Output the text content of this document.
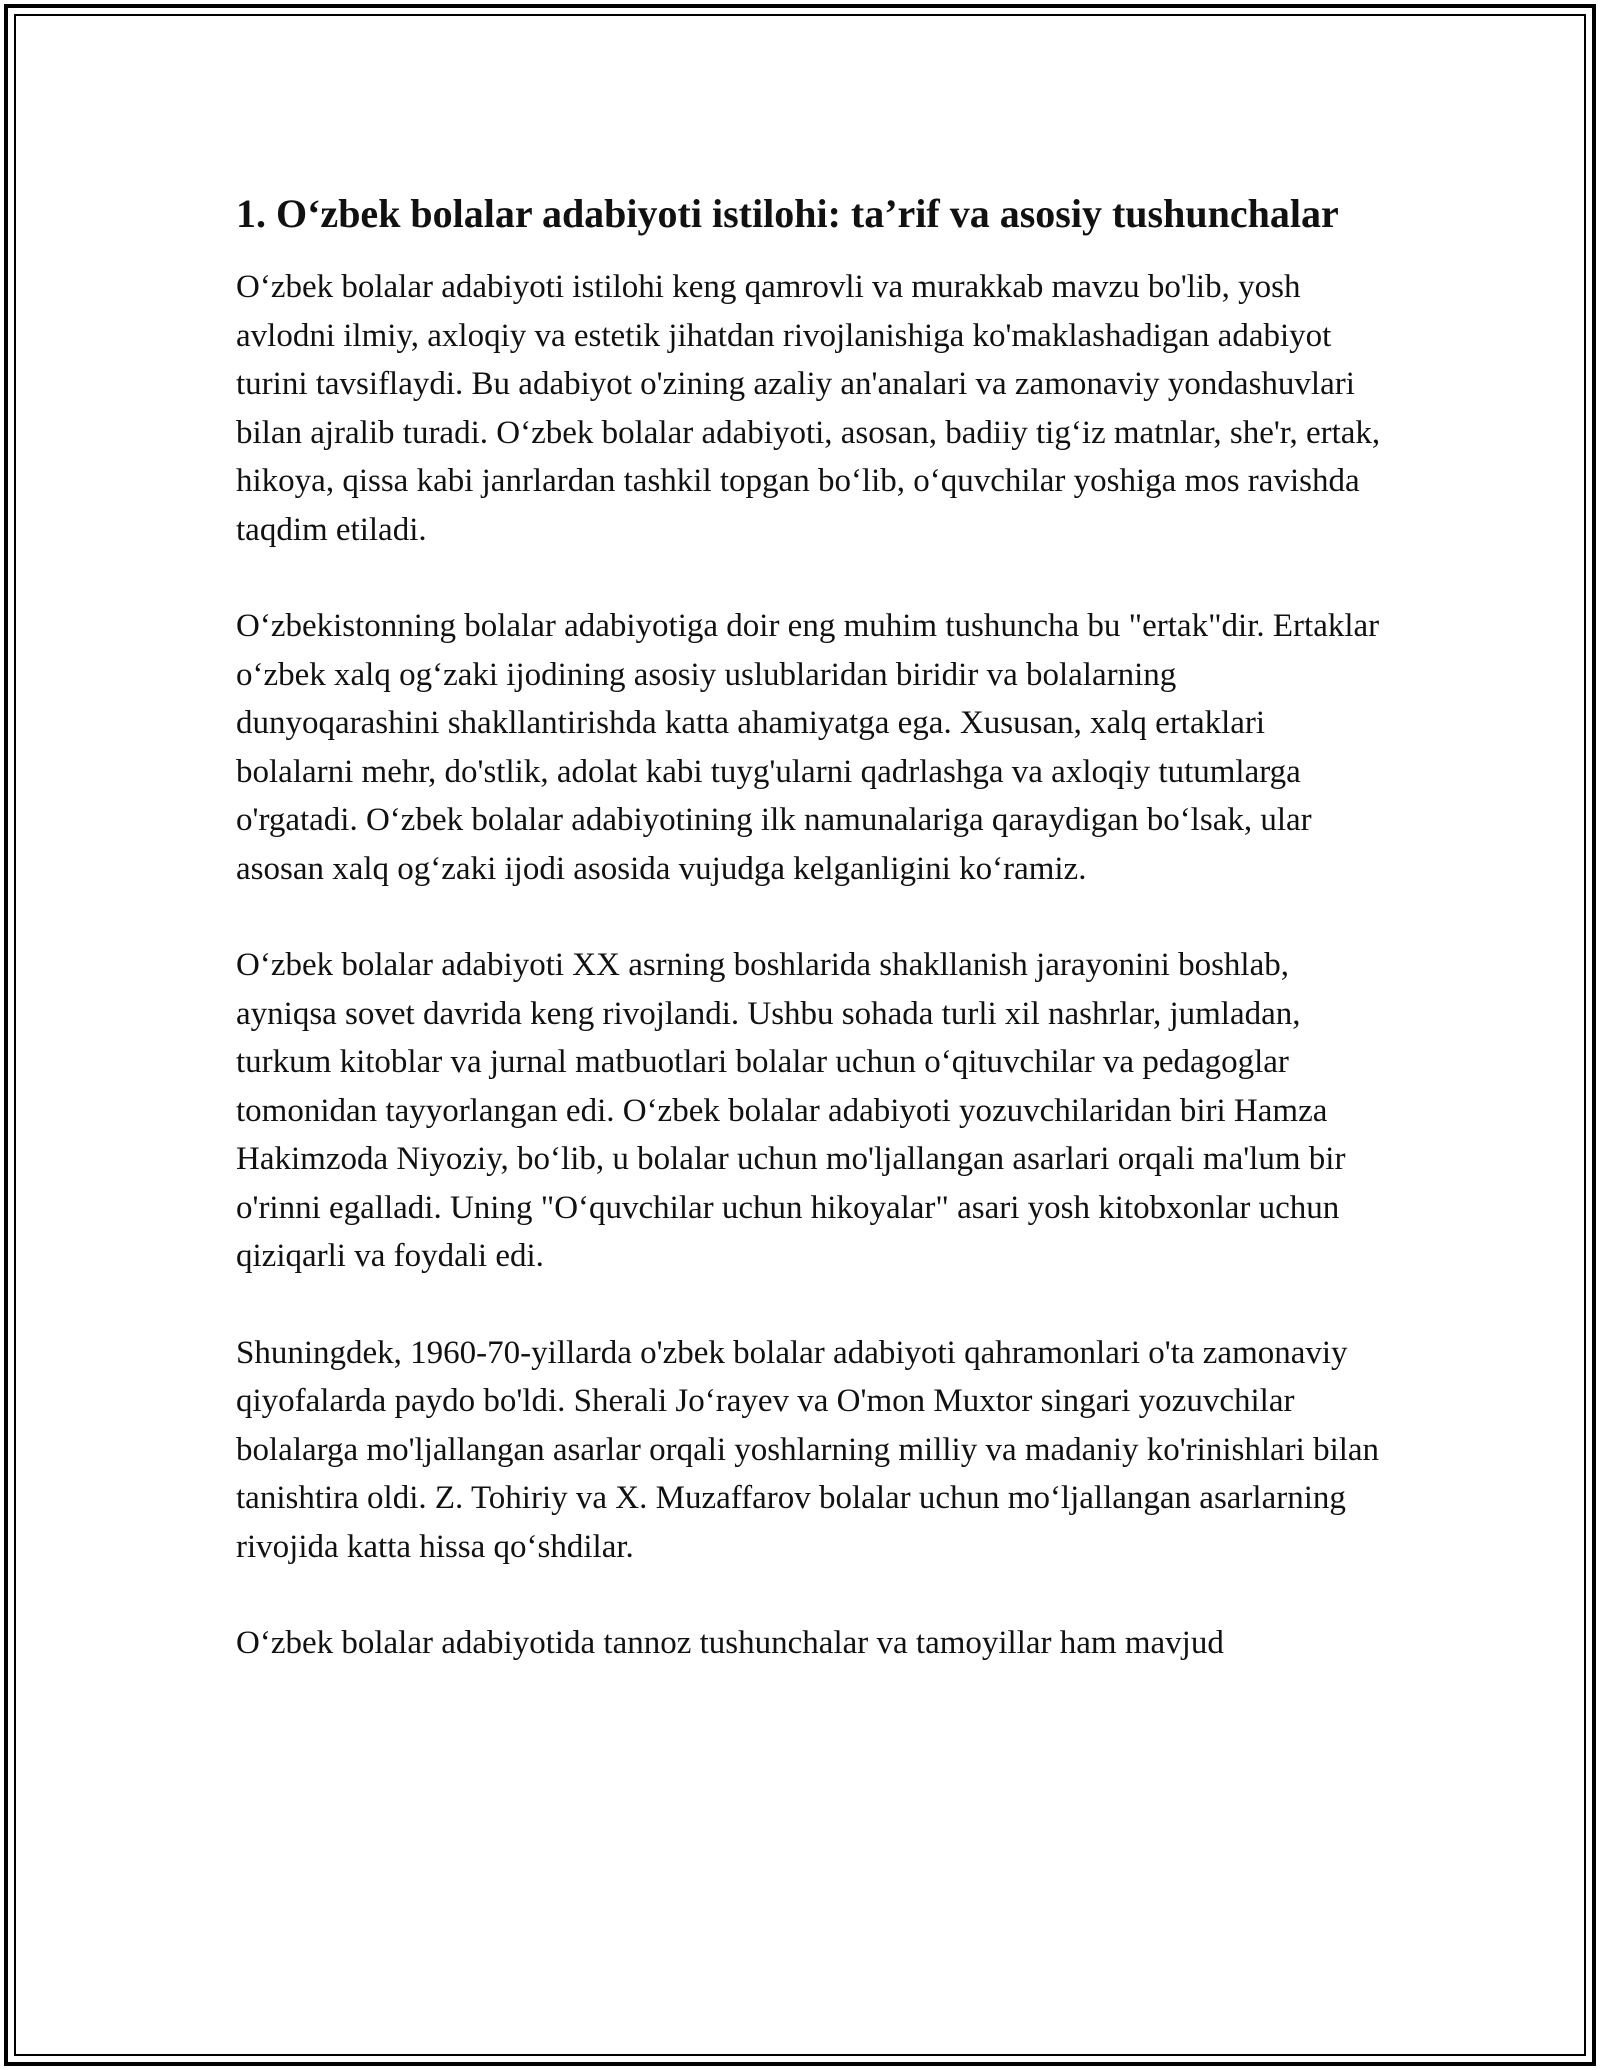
1. O‘zbek bolalar adabiyoti istilohi: ta’rif va asosiy tushunchalar

O‘zbek bolalar adabiyoti istilohi keng qamrovli va murakkab mavzu bo'lib, yosh avlodni ilmiy, axloqiy va estetik jihatdan rivojlanishiga ko'maklashadigan adabiyot turini tavsiflaydi. Bu adabiyot o'zining azaliy an'analari va zamonaviy yondashuvlari bilan ajralib turadi. O‘zbek bolalar adabiyoti, asosan, badiiy tig‘iz matnlar, she'r, ertak, hikoya, qissa kabi janrlardan tashkil topgan bo‘lib, o‘quvchilar yoshiga mos ravishda taqdim etiladi.

O‘zbekistonning bolalar adabiyotiga doir eng muhim tushuncha bu "ertak"dir. Ertaklar o‘zbek xalq og‘zaki ijodining asosiy uslublaridan biridir va bolalarning dunyoqarashini shakllantirishda katta ahamiyatga ega. Xususan, xalq ertaklari bolalarni mehr, do'stlik, adolat kabi tuyg'ularni qadrlashga va axloqiy tutumlarga o'rgatadi. O‘zbek bolalar adabiyotining ilk namunalariga qaraydigan bo‘lsak, ular asosan xalq og‘zaki ijodi asosida vujudga kelganligini ko‘ramiz.

O‘zbek bolalar adabiyoti XX asrning boshlarida shakllanish jarayonini boshlab, ayniqsa sovet davrida keng rivojlandi. Ushbu sohada turli xil nashrlar, jumladan, turkum kitoblar va jurnal matbuotlari bolalar uchun o‘qituvchilar va pedagoglar tomonidan tayyorlangan edi. O‘zbek bolalar adabiyoti yozuvchilaridan biri Hamza Hakimzoda Niyoziy, bo‘lib, u bolalar uchun mo'ljallangan asarlari orqali ma'lum bir o'rinni egalladi. Uning "O‘quvchilar uchun hikoyalar" asari yosh kitobxonlar uchun qiziqarli va foydali edi.

Shuningdek, 1960-70-yillarda o'zbek bolalar adabiyoti qahramonlari o'ta zamonaviy qiyofalarda paydo bo'ldi. Sherali Jo‘rayev va O'mon Muxtor singari yozuvchilar bolalarga mo'ljallangan asarlar orqali yoshlarning milliy va madaniy ko'rinishlari bilan tanishtira oldi. Z. Tohiriy va X. Muzaffarov bolalar uchun mo‘ljallangan asarlarning rivojida katta hissa qo‘shdilar.

O‘zbek bolalar adabiyotida tannoz tushunchalar va tamoyillar ham mavjud
